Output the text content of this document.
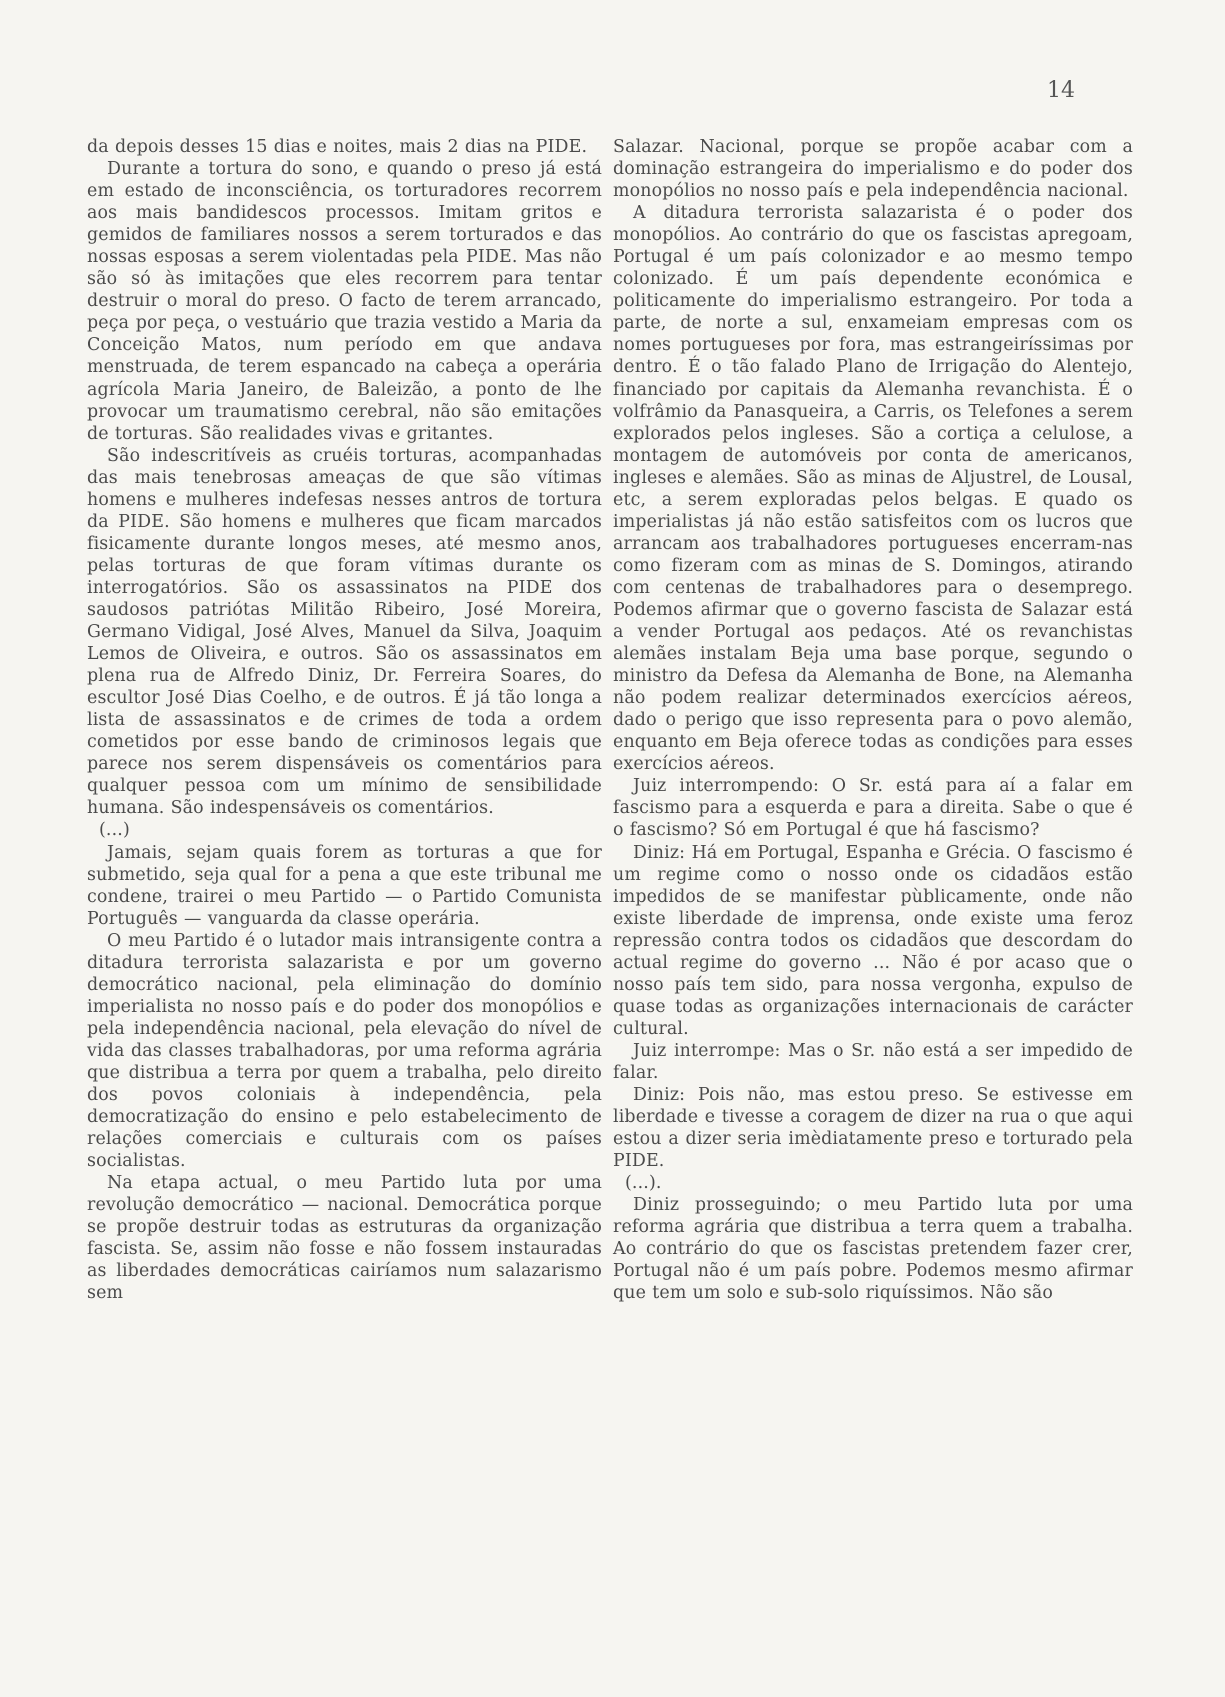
14

da depois desses 15 dias e noites, mais 2 dias na PIDE.

Durante a tortura do sono, e quando o preso já está em estado de inconsciência, os torturadores recorrem aos mais bandidescos processos. Imitam gritos e gemidos de familiares nossos a serem torturados e das nossas esposas a serem violentadas pela PIDE. Mas não são só às imitações que eles recorrem para tentar destruir o moral do preso. O facto de terem arrancado, peça por peça, o vestuário que trazia vestido a Maria da Conceição Matos, num período em que andava menstruada, de terem espancado na cabeça a operária agrícola Maria Janeiro, de Baleizão, a ponto de lhe provocar um traumatismo cerebral, não são emitações de torturas. São realidades vivas e gritantes.

São indescritíveis as cruéis torturas, acompanhadas das mais tenebrosas ameaças de que são vítimas homens e mulheres indefesas nesses antros de tortura da PIDE. São homens e mulheres que ficam marcados fisicamente durante longos meses, até mesmo anos, pelas torturas de que foram vítimas durante os interrogatórios. São os assassinatos na PIDE dos saudosos patriótas Militão Ribeiro, José Moreira, Germano Vidigal, José Alves, Manuel da Silva, Joaquim Lemos de Oliveira, e outros. São os assassinatos em plena rua de Alfredo Diniz, Dr. Ferreira Soares, do escultor José Dias Coelho, e de outros. É já tão longa a lista de assassinatos e de crimes de toda a ordem cometidos por esse bando de criminosos legais que parece nos serem dispensáveis os comentários para qualquer pessoa com um mínimo de sensibilidade humana. São indespensáveis os comentários.

(...)

Jamais, sejam quais forem as torturas a que for submetido, seja qual for a pena a que este tribunal me condene, trairei o meu Partido — o Partido Comunista Português — vanguarda da classe operária.

O meu Partido é o lutador mais intransigente contra a ditadura terrorista salazarista e por um governo democrático nacional, pela eliminação do domínio imperialista no nosso país e do poder dos monopólios e pela independência nacional, pela elevação do nível de vida das classes trabalhadoras, por uma reforma agrária que distribua a terra por quem a trabalha, pelo direito dos povos coloniais à independência, pela democratização do ensino e pelo estabelecimento de relações comerciais e culturais com os países socialistas.

Na etapa actual, o meu Partido luta por uma revolução democrático — nacional. Democrática porque se propõe destruir todas as estruturas da organização fascista. Se, assim não fosse e não fossem instauradas as liberdades democráticas cairíamos num salazarismo sem

Salazar. Nacional, porque se propõe acabar com a dominação estrangeira do imperialismo e do poder dos monopólios no nosso país e pela independência nacional.

A ditadura terrorista salazarista é o poder dos monopólios. Ao contrário do que os fascistas apregoam, Portugal é um país colonizador e ao mesmo tempo colonizado. É um país dependente económica e politicamente do imperialismo estrangeiro. Por toda a parte, de norte a sul, enxameiam empresas com os nomes portugueses por fora, mas estrangeiríssimas por dentro. É o tão falado Plano de Irrigação do Alentejo, financiado por capitais da Alemanha revanchista. É o volfrâmio da Panasqueira, a Carris, os Telefones a serem explorados pelos ingleses. São a cortiça a celulose, a montagem de automóveis por conta de americanos, ingleses e alemães. São as minas de Aljustrel, de Lousal, etc, a serem exploradas pelos belgas. E quado os imperialistas já não estão satisfeitos com os lucros que arrancam aos trabalhadores portugueses encerram-nas como fizeram com as minas de S. Domingos, atirando com centenas de trabalhadores para o desemprego. Podemos afirmar que o governo fascista de Salazar está a vender Portugal aos pedaços. Até os revanchistas alemães instalam Beja uma base porque, segundo o ministro da Defesa da Alemanha de Bone, na Alemanha não podem realizar determinados exercícios aéreos, dado o perigo que isso representa para o povo alemão, enquanto em Beja oferece todas as condições para esses exercícios aéreos.

Juiz interrompendo: O Sr. está para aí a falar em fascismo para a esquerda e para a direita. Sabe o que é o fascismo? Só em Portugal é que há fascismo?

Diniz: Há em Portugal, Espanha e Grécia. O fascismo é um regime como o nosso onde os cidadãos estão impedidos de se manifestar pùblicamente, onde não existe liberdade de imprensa, onde existe uma feroz repressão contra todos os cidadãos que descordam do actual regime do governo ... Não é por acaso que o nosso país tem sido, para nossa vergonha, expulso de quase todas as organizações internacionais de carácter cultural.

Juiz interrompe: Mas o Sr. não está a ser impedido de falar.

Diniz: Pois não, mas estou preso. Se estivesse em liberdade e tivesse a coragem de dizer na rua o que aqui estou a dizer seria imèdiatamente preso e torturado pela PIDE.

(...).

Diniz prosseguindo; o meu Partido luta por uma reforma agrária que distribua a terra quem a trabalha. Ao contrário do que os fascistas pretendem fazer crer, Portugal não é um país pobre. Podemos mesmo afirmar que tem um solo e sub-solo riquíssimos. Não são
